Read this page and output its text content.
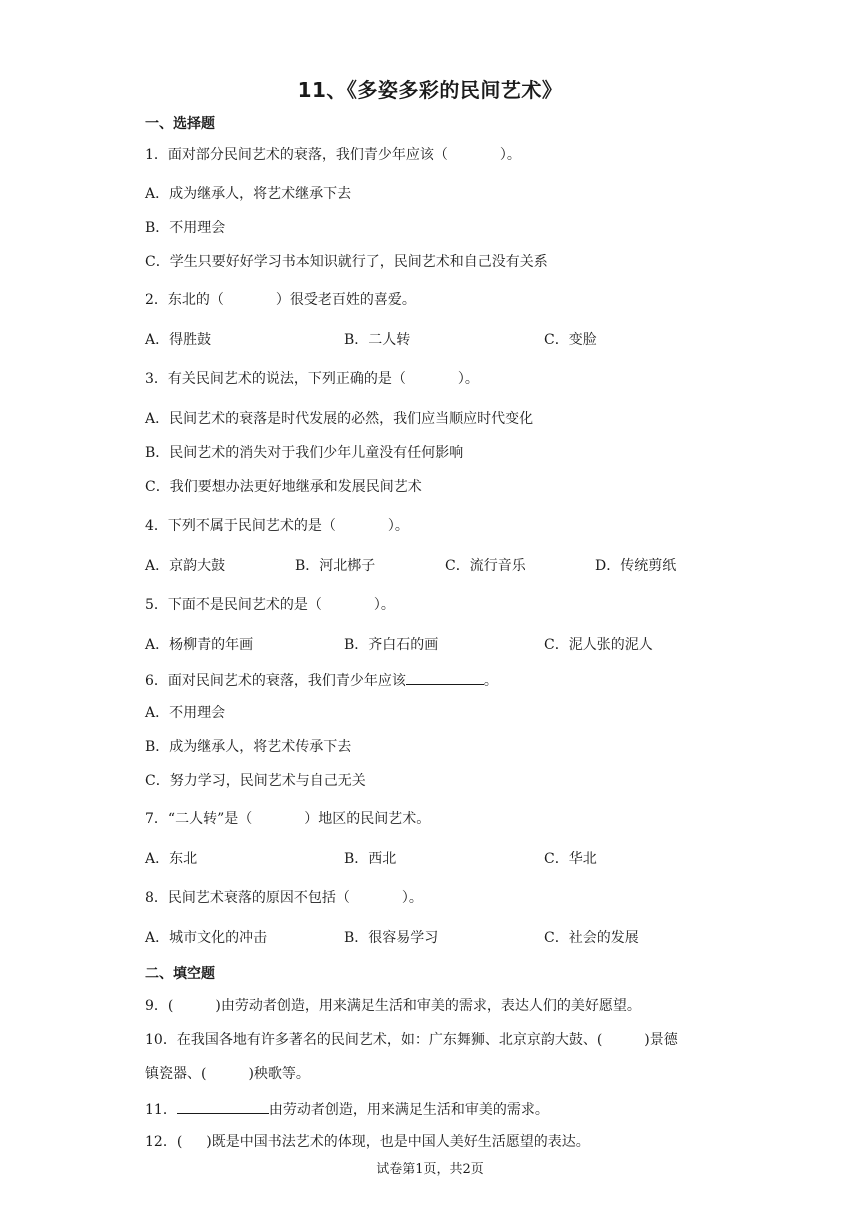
11、《多姿多彩的民间艺术》
一、选择题
1．面对部分民间艺术的衰落，我们青少年应该（	）。
A．成为继承人，将艺术继承下去
B．不用理会
C．学生只要好好学习书本知识就行了，民间艺术和自己没有关系
2．东北的（	）很受老百姓的喜爱。
A．得胜鼓	B．二人转	C．变脸
3．有关民间艺术的说法，下列正确的是（	）。
A．民间艺术的衰落是时代发展的必然，我们应当顺应时代变化
B．民间艺术的消失对于我们少年儿童没有任何影响
C．我们要想办法更好地继承和发展民间艺术
4．下列不属于民间艺术的是（	）。
A．京韵大鼓	B．河北梆子	C．流行音乐	D．传统剪纸
5．下面不是民间艺术的是（	）。
A．杨柳青的年画	B．齐白石的画	C．泥人张的泥人
6．面对民间艺术的衰落，我们青少年应该	。
A．不用理会
B．成为继承人，将艺术传承下去
C．努力学习，民间艺术与自己无关
7．“二人转”是（	）地区的民间艺术。
A．东北	B．西北	C．华北
8．民间艺术衰落的原因不包括（	）。
A．城市文化的冲击	B．很容易学习	C．社会的发展
二、填空题
9．(	)由劳动者创造，用来满足生活和审美的需求，表达人们的美好愿望。
10．在我国各地有许多著名的民间艺术，如：广东舞狮、北京京韵大鼓、(	)景德
镇瓷器、(	)秧歌等。
11．	由劳动者创造，用来满足生活和审美的需求。
12．( )既是中国书法艺术的体现，也是中国人美好生活愿望的表达。
试卷第1页，共2页
